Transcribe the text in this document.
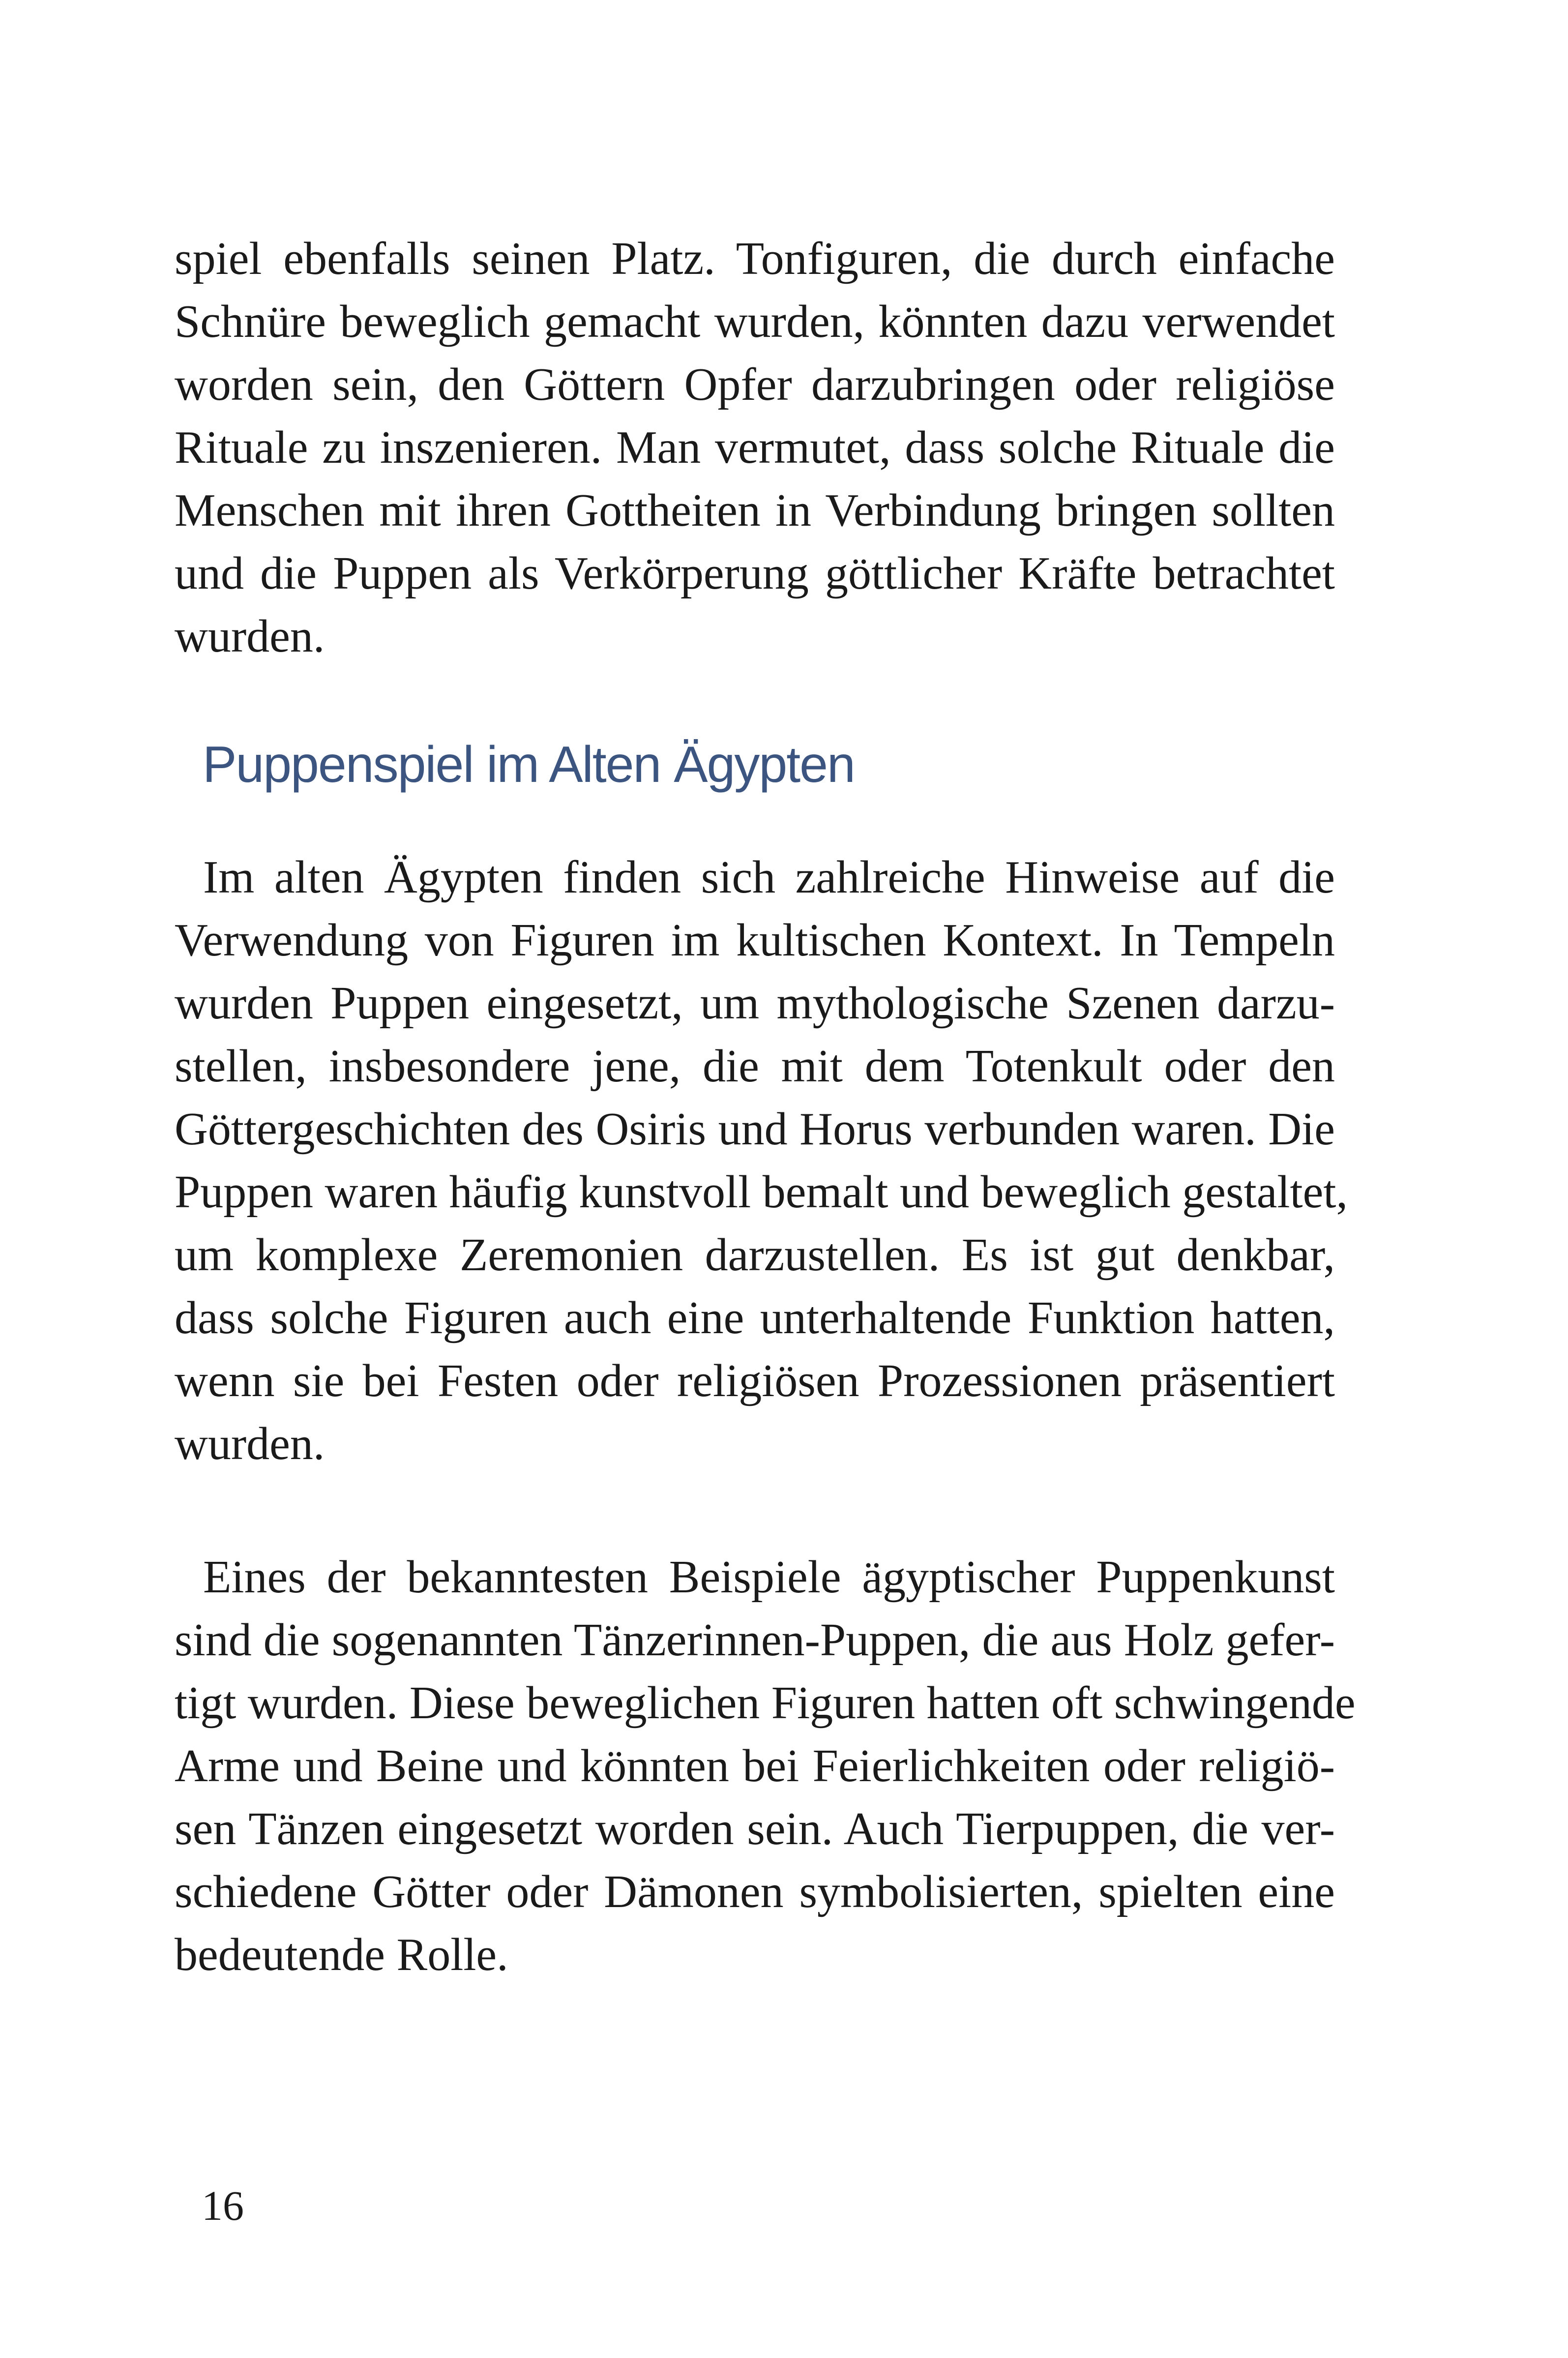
spiel ebenfalls seinen Platz. Tonfiguren, die durch einfache
Schnüre beweglich gemacht wurden, könnten dazu verwendet
worden sein, den Göttern Opfer darzubringen oder religiöse
Rituale zu inszenieren. Man vermutet, dass solche Rituale die
Menschen mit ihren Gottheiten in Verbindung bringen sollten
und die Puppen als Verkörperung göttlicher Kräfte betrachtet
wurden.
Puppenspiel im Alten Ägypten
Im alten Ägypten finden sich zahlreiche Hinweise auf die
Verwendung von Figuren im kultischen Kontext. In Tempeln
wurden Puppen eingesetzt, um mythologische Szenen darzu-
stellen, insbesondere jene, die mit dem Totenkult oder den
Göttergeschichten des Osiris und Horus verbunden waren. Die
Puppen waren häufig kunstvoll bemalt und beweglich gestaltet,
um komplexe Zeremonien darzustellen. Es ist gut denkbar,
dass solche Figuren auch eine unterhaltende Funktion hatten,
wenn sie bei Festen oder religiösen Prozessionen präsentiert
wurden.
Eines der bekanntesten Beispiele ägyptischer Puppenkunst
sind die sogenannten Tänzerinnen-Puppen, die aus Holz gefer-
tigt wurden. Diese beweglichen Figuren hatten oft schwingende
Arme und Beine und könnten bei Feierlichkeiten oder religiö-
sen Tänzen eingesetzt worden sein. Auch Tierpuppen, die ver-
schiedene Götter oder Dämonen symbolisierten, spielten eine
bedeutende Rolle.
16
